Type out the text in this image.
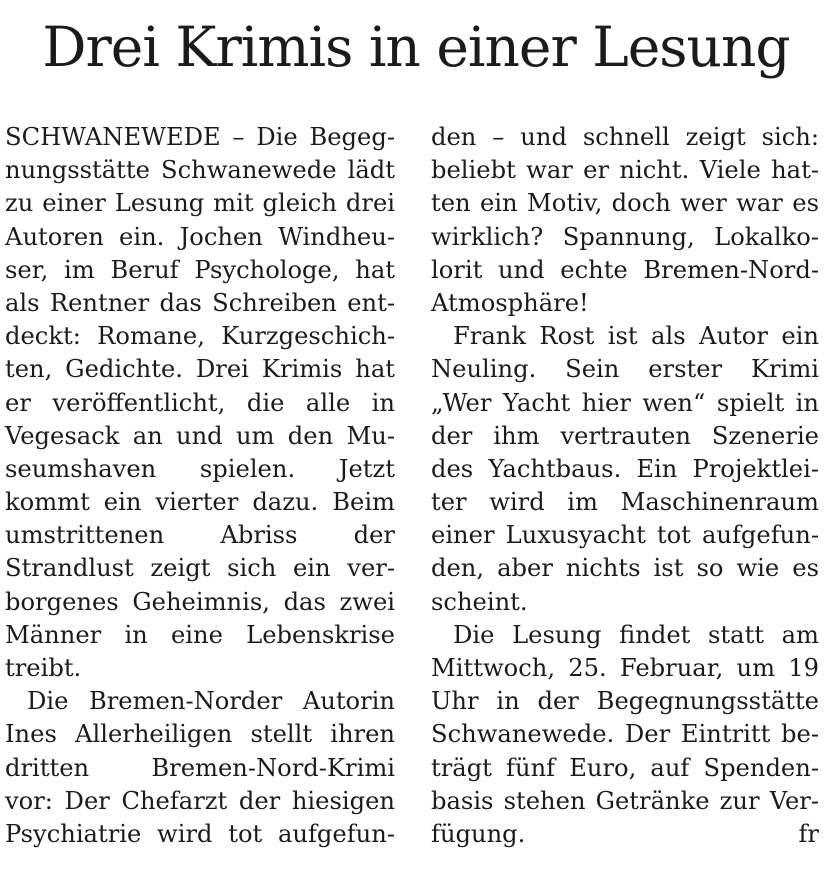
Drei Krimis in einer Lesung
SCHWANEWEDE – Die Begeg-
nungsstätte Schwanewede lädt
zu einer Lesung mit gleich drei
Autoren ein. Jochen Windheu-
ser, im Beruf Psychologe, hat
als Rentner das Schreiben ent-
deckt: Romane, Kurzgeschich-
ten, Gedichte. Drei Krimis hat
er veröffentlicht, die alle in
Vegesack an und um den Mu-
seumshaven spielen. Jetzt
kommt ein vierter dazu. Beim
umstrittenen Abriss der
Strandlust zeigt sich ein ver-
borgenes Geheimnis, das zwei
Männer in eine Lebenskrise
treibt.
Die Bremen-Norder Autorin
Ines Allerheiligen stellt ihren
dritten Bremen-Nord-Krimi
vor: Der Chefarzt der hiesigen
Psychiatrie wird tot aufgefun-
den – und schnell zeigt sich:
beliebt war er nicht. Viele hat-
ten ein Motiv, doch wer war es
wirklich? Spannung, Lokalko-
lorit und echte Bremen-Nord-
Atmosphäre!
Frank Rost ist als Autor ein
Neuling. Sein erster Krimi
„Wer Yacht hier wen“ spielt in
der ihm vertrauten Szenerie
des Yachtbaus. Ein Projektlei-
ter wird im Maschinenraum
einer Luxusyacht tot aufgefun-
den, aber nichts ist so wie es
scheint.
Die Lesung findet statt am
Mittwoch, 25. Februar, um 19
Uhr in der Begegnungsstätte
Schwanewede. Der Eintritt be-
trägt fünf Euro, auf Spenden-
basis stehen Getränke zur Ver-
fügung.	fr
